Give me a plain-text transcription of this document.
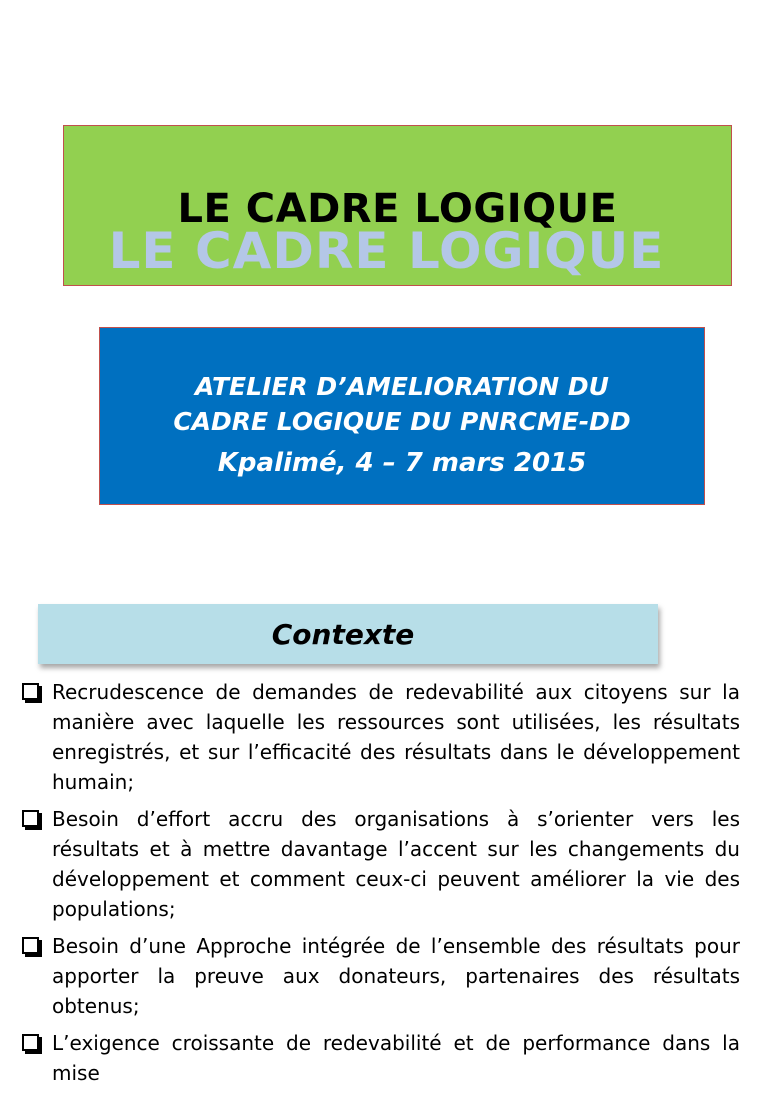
LE CADRE LOGIQUE
LE CADRE LOGIQUE
ATELIER D’AMELIORATION DU
CADRE LOGIQUE DU PNRCME-DD
Kpalimé, 4 – 7 mars 2015
Contexte
Recrudescence de demandes de redevabilité aux citoyens sur la manière avec laquelle les ressources sont utilisées, les résultats enregistrés, et sur l’efficacité des résultats dans le développement humain;
Besoin d’effort accru des organisations à s’orienter vers les résultats et à mettre davantage l’accent sur les changements du développement et comment ceux-ci peuvent améliorer la vie des populations;
Besoin d’une Approche intégrée de l’ensemble des résultats pour apporter la preuve aux donateurs, partenaires des résultats obtenus;
L’exigence croissante de redevabilité et de performance dans la mise
